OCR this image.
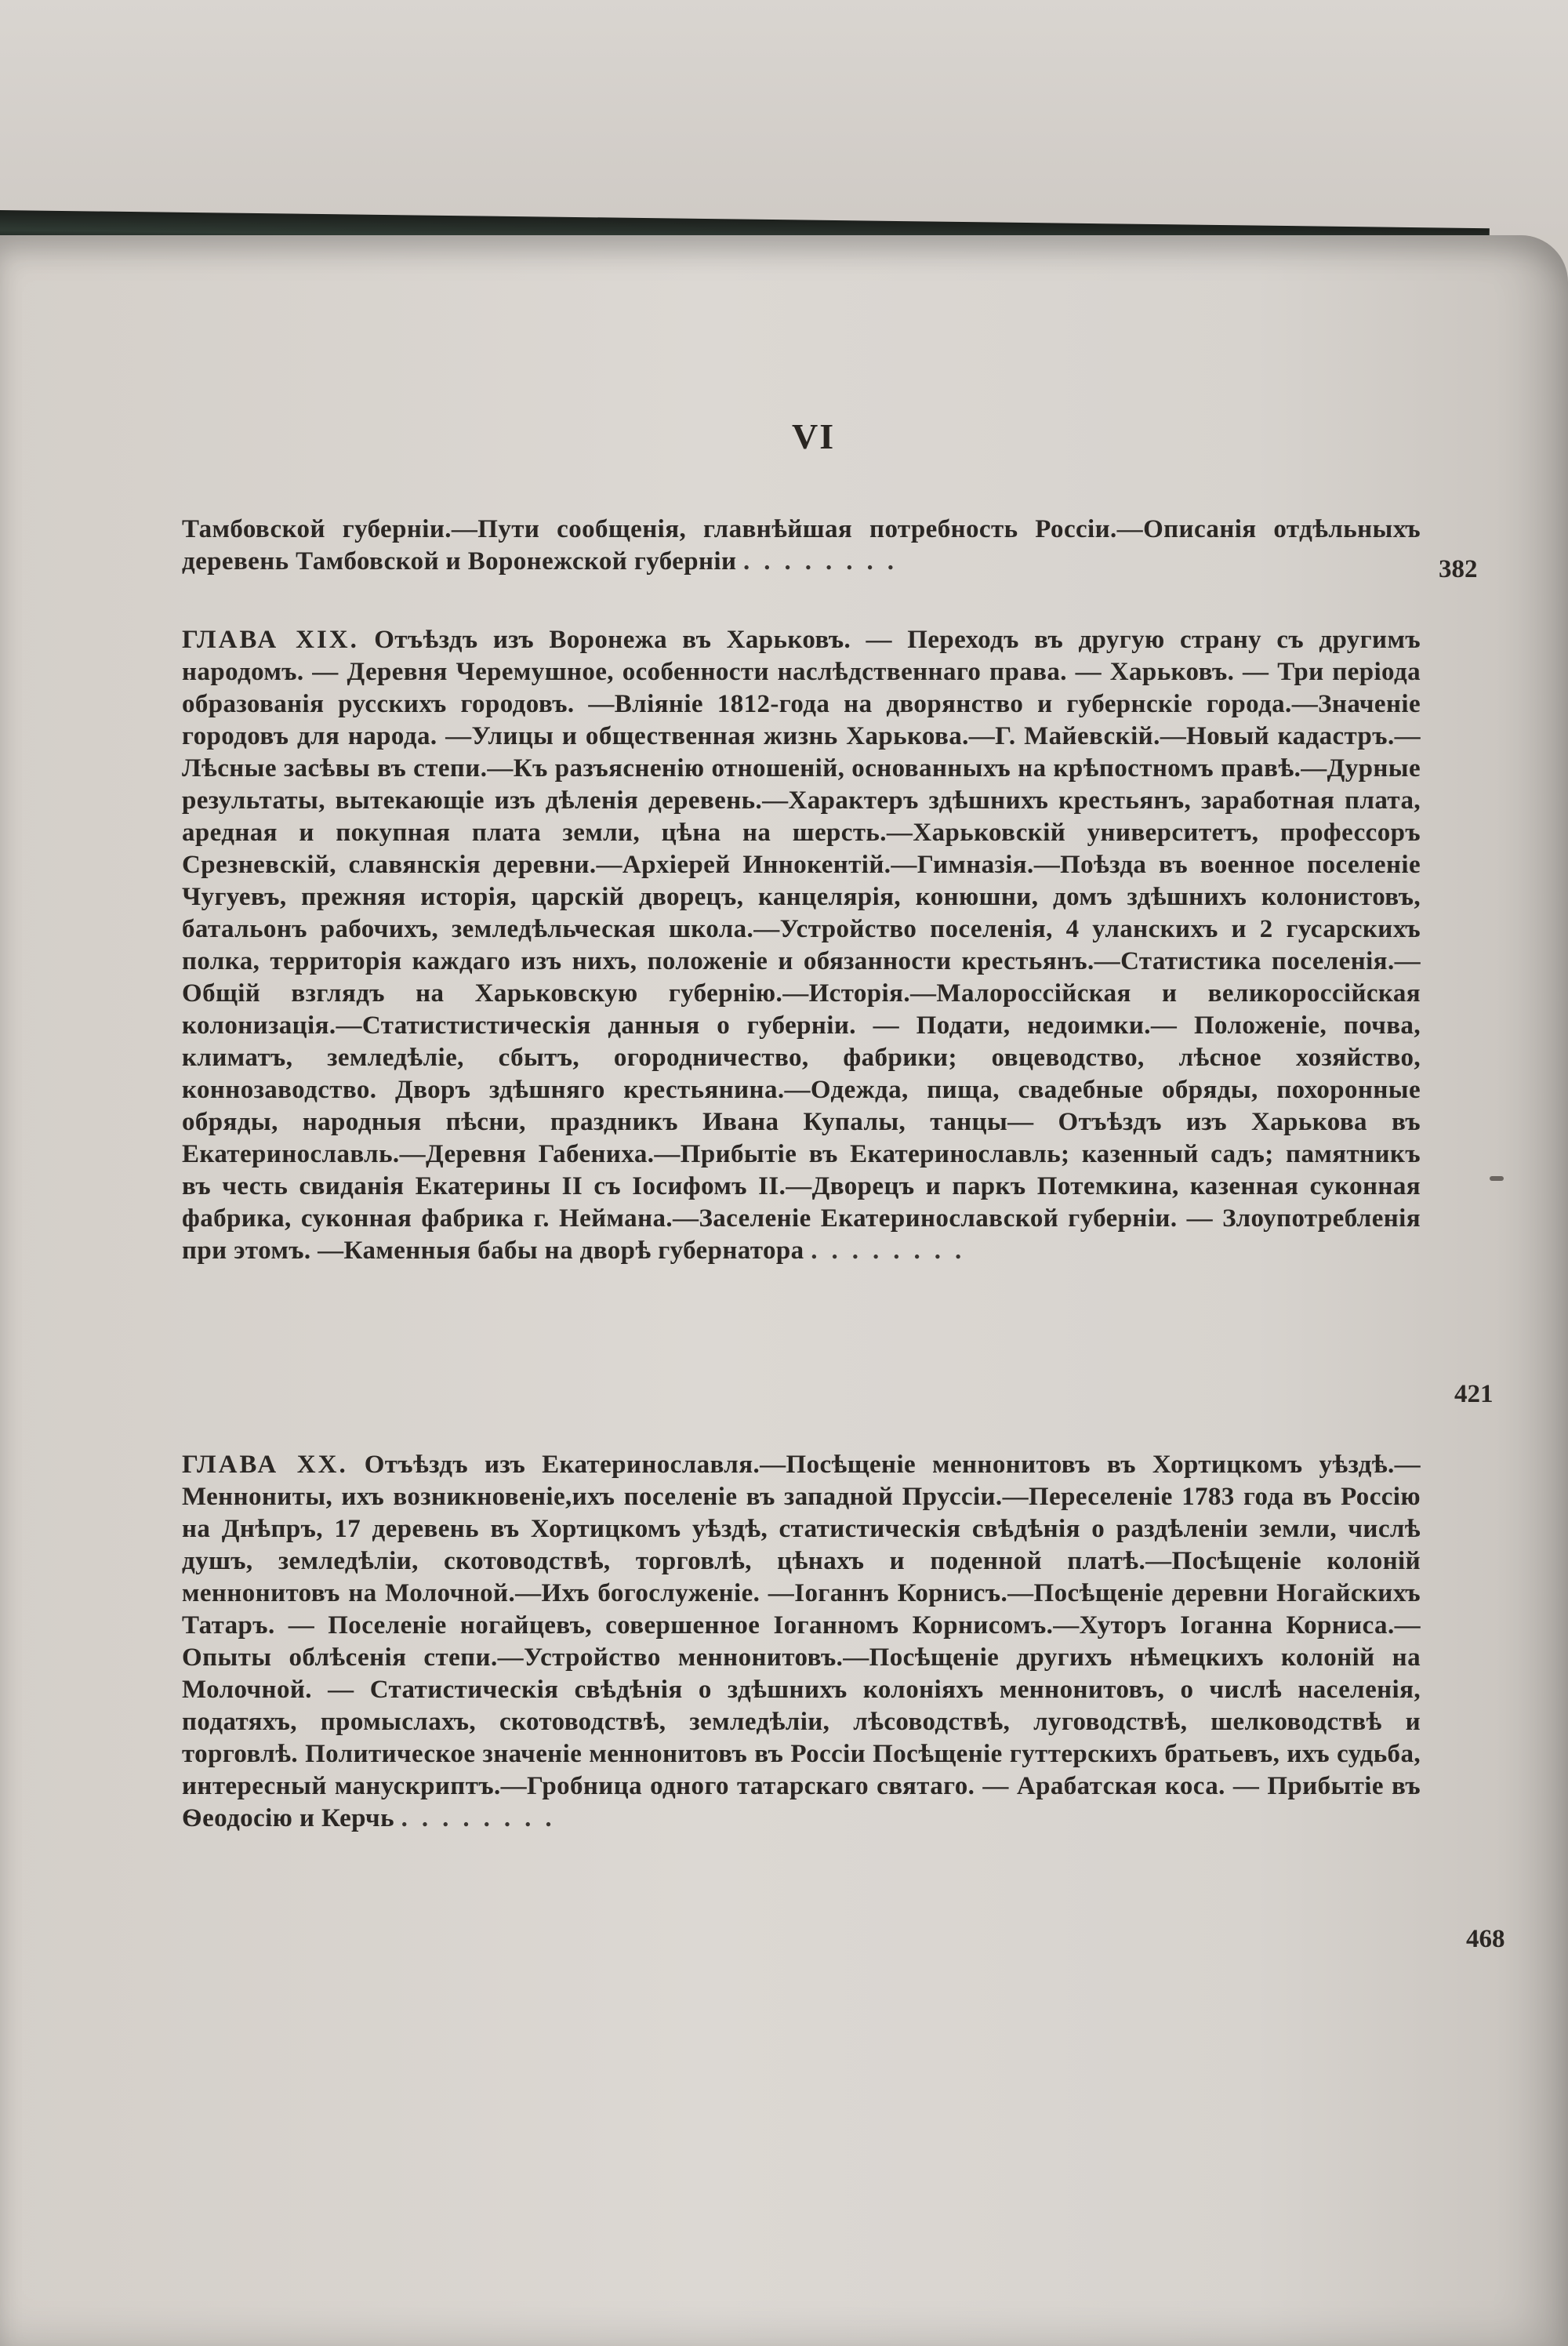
VI
Тамбовской губерніи.—Пути сообщенія, главнѣйшая потребность Россіи.—Описанія отдѣльныхъ деревень Тамбовской и Воронежской губерніи ........	382
ГЛАВА XIX. Отъѣздъ изъ Воронежа въ Харьковъ. — Переходъ въ другую страну съ другимъ народомъ. — Деревня Черемушное, особенности наслѣдственнаго права. — Харьковъ. — Три періода образованія русскихъ городовъ. —Вліяніе 1812-года на дворянство и губернскіе города.—Значеніе городовъ для народа. —Улицы и общественная жизнь Харькова.—Г. Майевскій.—Новый кадастръ.—Лѣсные засѣвы въ степи.—Къ разъясненію отношеній, основанныхъ на крѣпостномъ правѣ.—Дурные результаты, вытекающіе изъ дѣленія деревень.—Характеръ здѣшнихъ крестьянъ, заработная плата, аредная и покупная плата земли, цѣна на шерсть.—Харьковскій университетъ, профессоръ Срезневскій, славянскія деревни.—Архіерей Иннокентій.—Гимназія.—Поѣзда въ военное поселеніе Чугуевъ, прежняя исторія, царскій дворецъ, канцелярія, конюшни, домъ здѣшнихъ колонистовъ, батальонъ рабочихъ, земледѣльческая школа.—Устройство поселенія, 4 уланскихъ и 2 гусарскихъ полка, территорія каждаго изъ нихъ, положеніе и обязанности крестьянъ.—Статистика поселенія.—Общій взглядъ на Харьковскую губернію.—Исторія.—Малороссійская и великороссійская колонизація.—Статистистическія данныя о губерніи. — Подати, недоимки.— Положеніе, почва, климатъ, земледѣліе, сбытъ, огородничество, фабрики; овцеводство, лѣсное хозяйство, коннозаводство. Дворъ здѣшняго крестьянина.—Одежда, пища, свадебные обряды, похоронные обряды, народныя пѣсни, праздникъ Ивана Купалы, танцы— Отъѣздъ изъ Харькова въ Екатеринославль.—Деревня Габениха.—Прибытіе въ Екатеринославль; казенный садъ; памятникъ въ честь свиданія Екатерины II съ Іосифомъ II.—Дворецъ и паркъ Потемкина, казенная суконная фабрика, суконная фабрика г. Неймана.—Заселеніе Екатеринославской губерніи. — Злоупотребленія при этомъ. —Каменныя бабы на дворѣ губернатора ........
421
ГЛАВА XX. Отъѣздъ изъ Екатеринославля.—Посѣщеніе меннонитовъ въ Хортицкомъ уѣздѣ.—Меннониты, ихъ возникновеніе,ихъ поселеніе въ западной Пруссіи.—Переселеніе 1783 года въ Россію на Днѣпръ, 17 деревень въ Хортицкомъ уѣздѣ, статистическія свѣдѣнія о раздѣленіи земли, числѣ душъ, земледѣліи, скотоводствѣ, торговлѣ, цѣнахъ и поденной платѣ.—Посѣщеніе колоній меннонитовъ на Молочной.—Ихъ богослуженіе. —Іоганнъ Корнисъ.—Посѣщеніе деревни Ногайскихъ Татаръ. — Поселеніе ногайцевъ, совершенное Іоганномъ Корнисомъ.—Хуторъ Іоганна Корниса.—Опыты облѣсенія степи.—Устройство меннонитовъ.—Посѣщеніе другихъ нѣмецкихъ колоній на Молочной. — Статистическія свѣдѣнія о здѣшнихъ колоніяхъ меннонитовъ, о числѣ населенія, податяхъ, промыслахъ, скотоводствѣ, земледѣліи, лѣсоводствѣ, луговодствѣ, шелководствѣ и торговлѣ. Политическое значеніе меннонитовъ въ Россіи Посѣщеніе гуттерскихъ братьевъ, ихъ судьба, интересный манускриптъ.—Гробница одного татарскаго святаго. — Арабатская коса. — Прибытіе въ Ѳеодосію и Керчь ........
468
